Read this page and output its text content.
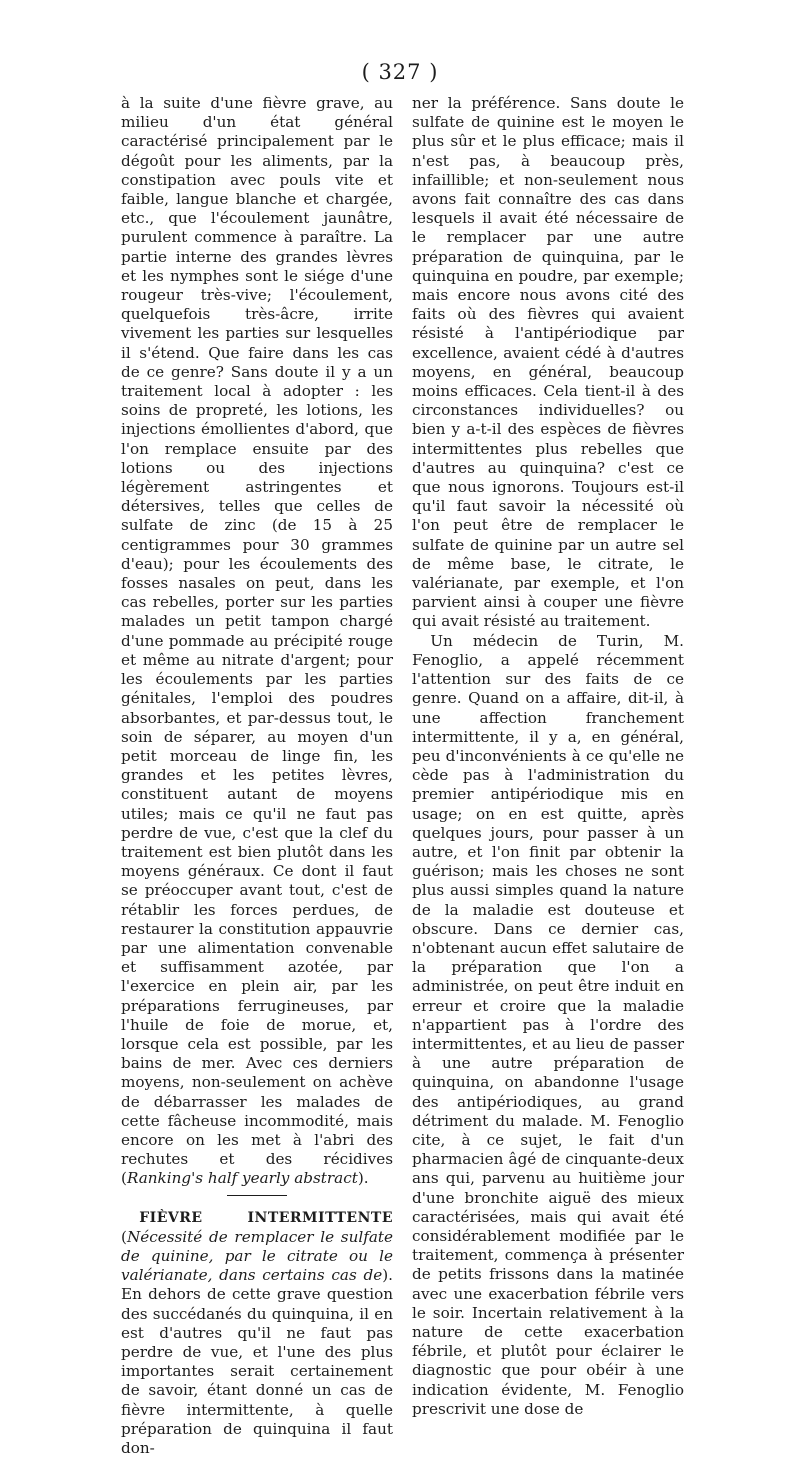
( 327 )

à la suite d'une fièvre grave, au milieu d'un état général caractérisé principalement par le dégoût pour les aliments, par la constipation avec pouls vite et faible, langue blanche et chargée, etc., que l'écoulement jaunâtre, purulent commence à paraître. La partie interne des grandes lèvres et les nymphes sont le siége d'une rougeur très-vive; l'écoulement, quelquefois très-âcre, irrite vivement les parties sur lesquelles il s'étend. Que faire dans les cas de ce genre? Sans doute il y a un traitement local à adopter : les soins de propreté, les lotions, les injections émollientes d'abord, que l'on remplace ensuite par des lotions ou des injections légèrement astringentes et détersives, telles que celles de sulfate de zinc (de 15 à 25 centigrammes pour 30 grammes d'eau); pour les écoulements des fosses nasales on peut, dans les cas rebelles, porter sur les parties malades un petit tampon chargé d'une pommade au précipité rouge et même au nitrate d'argent; pour les écoulements par les parties génitales, l'emploi des poudres absorbantes, et par-dessus tout, le soin de séparer, au moyen d'un petit morceau de linge fin, les grandes et les petites lèvres, constituent autant de moyens utiles; mais ce qu'il ne faut pas perdre de vue, c'est que la clef du traitement est bien plutôt dans les moyens généraux. Ce dont il faut se préoccuper avant tout, c'est de rétablir les forces perdues, de restaurer la constitution appauvrie par une alimentation convenable et suffisamment azotée, par l'exercice en plein air, par les préparations ferrugineuses, par l'huile de foie de morue, et, lorsque cela est possible, par les bains de mer. Avec ces derniers moyens, non-seulement on achève de débarrasser les malades de cette fâcheuse incommodité, mais encore on les met à l'abri des rechutes et des récidives (Ranking's half yearly abstract).

FIÈVRE INTERMITTENTE (Nécessité de remplacer le sulfate de quinine, par le citrate ou le valérianate, dans certains cas de). En dehors de cette grave question des succédanés du quinquina, il en est d'autres qu'il ne faut pas perdre de vue, et l'une des plus importantes serait certainement de savoir, étant donné un cas de fièvre intermittente, à quelle préparation de quinquina il faut don-

ner la préférence. Sans doute le sulfate de quinine est le moyen le plus sûr et le plus efficace; mais il n'est pas, à beaucoup près, infaillible; et non-seulement nous avons fait connaître des cas dans lesquels il avait été nécessaire de le remplacer par une autre préparation de quinquina, par le quinquina en poudre, par exemple; mais encore nous avons cité des faits où des fièvres qui avaient résisté à l'antipériodique par excellence, avaient cédé à d'autres moyens, en général, beaucoup moins efficaces. Cela tient-il à des circonstances individuelles? ou bien y a-t-il des espèces de fièvres intermittentes plus rebelles que d'autres au quinquina? c'est ce que nous ignorons. Toujours est-il qu'il faut savoir la nécessité où l'on peut être de remplacer le sulfate de quinine par un autre sel de même base, le citrate, le valérianate, par exemple, et l'on parvient ainsi à couper une fièvre qui avait résisté au traitement.

Un médecin de Turin, M. Fenoglio, a appelé récemment l'attention sur des faits de ce genre. Quand on a affaire, dit-il, à une affection franchement intermittente, il y a, en général, peu d'inconvénients à ce qu'elle ne cède pas à l'administration du premier antipériodique mis en usage; on en est quitte, après quelques jours, pour passer à un autre, et l'on finit par obtenir la guérison; mais les choses ne sont plus aussi simples quand la nature de la maladie est douteuse et obscure. Dans ce dernier cas, n'obtenant aucun effet salutaire de la préparation que l'on a administrée, on peut être induit en erreur et croire que la maladie n'appartient pas à l'ordre des intermittentes, et au lieu de passer à une autre préparation de quinquina, on abandonne l'usage des antipériodiques, au grand détriment du malade. M. Fenoglio cite, à ce sujet, le fait d'un pharmacien âgé de cinquante-deux ans qui, parvenu au huitième jour d'une bronchite aiguë des mieux caractérisées, mais qui avait été considérablement modifiée par le traitement, commença à présenter de petits frissons dans la matinée avec une exacerbation fébrile vers le soir. Incertain relativement à la nature de cette exacerbation fébrile, et plutôt pour éclairer le diagnostic que pour obéir à une indication évidente, M. Fenoglio prescrivit une dose de
